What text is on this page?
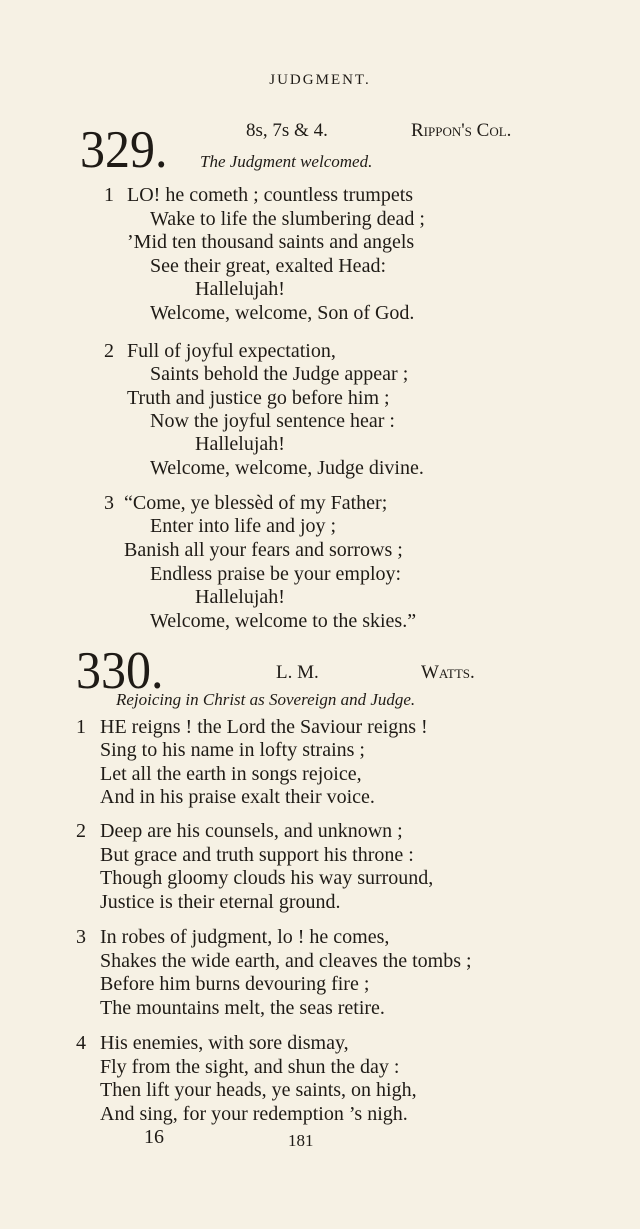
JUDGMENT.
329.	8s, 7s & 4.	Rippon's Col.
The Judgment welcomed.
1 LO! he cometh ; countless trumpets
Wake to life the slumbering dead ;
’Mid ten thousand saints and angels
See their great, exalted Head:
Hallelujah!
Welcome, welcome, Son of God.
2 Full of joyful expectation,
Saints behold the Judge appear ;
Truth and justice go before him ;
Now the joyful sentence hear :
Hallelujah!
Welcome, welcome, Judge divine.
3 “Come, ye blessèd of my Father;
Enter into life and joy ;
Banish all your fears and sorrows ;
Endless praise be your employ:
Hallelujah!
Welcome, welcome to the skies.”
330.	L. M.	Watts.
Rejoicing in Christ as Sovereign and Judge.
1 HE reigns ! the Lord the Saviour reigns !
Sing to his name in lofty strains ;
Let all the earth in songs rejoice,
And in his praise exalt their voice.
2 Deep are his counsels, and unknown ;
But grace and truth support his throne :
Though gloomy clouds his way surround,
Justice is their eternal ground.
3 In robes of judgment, lo ! he comes,
Shakes the wide earth, and cleaves the tombs ;
Before him burns devouring fire ;
The mountains melt, the seas retire.
4 His enemies, with sore dismay,
Fly from the sight, and shun the day :
Then lift your heads, ye saints, on high,
And sing, for your redemption ’s nigh.
16	181
